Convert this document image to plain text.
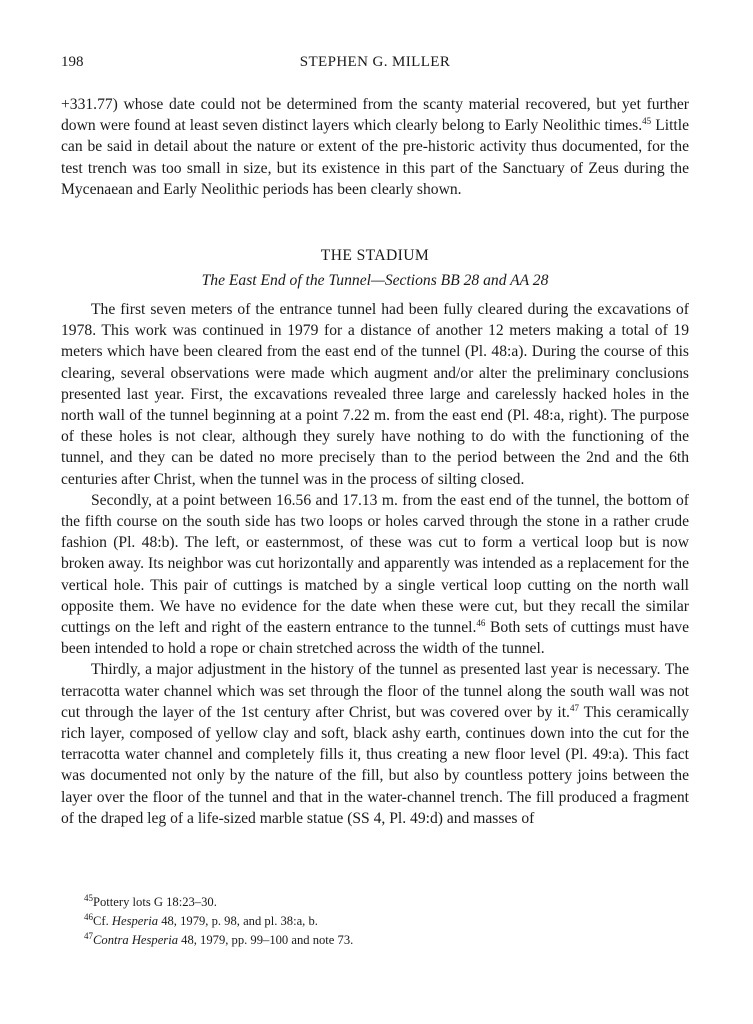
198	STEPHEN G. MILLER

+331.77) whose date could not be determined from the scanty material recovered, but yet further down were found at least seven distinct layers which clearly belong to Early Neolithic times.$^{45}$ Little can be said in detail about the nature or extent of the pre-historic activity thus documented, for the test trench was too small in size, but its existence in this part of the Sanctuary of Zeus during the Mycenaean and Early Neolithic periods has been clearly shown.

THE STADIUM
The East End of the Tunnel—Sections BB 28 and AA 28

The first seven meters of the entrance tunnel had been fully cleared during the excavations of 1978. This work was continued in 1979 for a distance of another 12 meters making a total of 19 meters which have been cleared from the east end of the tunnel (Pl. 48:a). During the course of this clearing, several observations were made which augment and/or alter the preliminary conclusions presented last year. First, the excavations revealed three large and carelessly hacked holes in the north wall of the tunnel beginning at a point 7.22 m. from the east end (Pl. 48:a, right). The purpose of these holes is not clear, although they surely have nothing to do with the functioning of the tunnel, and they can be dated no more precisely than to the period between the 2nd and the 6th centuries after Christ, when the tunnel was in the process of silting closed.

Secondly, at a point between 16.56 and 17.13 m. from the east end of the tunnel, the bottom of the fifth course on the south side has two loops or holes carved through the stone in a rather crude fashion (Pl. 48:b). The left, or easternmost, of these was cut to form a vertical loop but is now broken away. Its neighbor was cut horizontally and apparently was intended as a replacement for the vertical hole. This pair of cuttings is matched by a single vertical loop cutting on the north wall opposite them. We have no evidence for the date when these were cut, but they recall the similar cuttings on the left and right of the eastern entrance to the tunnel.$^{46}$ Both sets of cuttings must have been intended to hold a rope or chain stretched across the width of the tunnel.

Thirdly, a major adjustment in the history of the tunnel as presented last year is necessary. The terracotta water channel which was set through the floor of the tunnel along the south wall was not cut through the layer of the 1st century after Christ, but was covered over by it.$^{47}$ This ceramically rich layer, composed of yellow clay and soft, black ashy earth, continues down into the cut for the terracotta water channel and completely fills it, thus creating a new floor level (Pl. 49:a). This fact was documented not only by the nature of the fill, but also by countless pottery joins between the layer over the floor of the tunnel and that in the water-channel trench. The fill produced a fragment of the draped leg of a life-sized marble statue (SS 4, Pl. 49:d) and masses of

$^{45}$Pottery lots G 18:23–30.

$^{46}$Cf. Hesperia 48, 1979, p. 98, and pl. 38:a, b.

$^{47}$Contra Hesperia 48, 1979, pp. 99–100 and note 73.
